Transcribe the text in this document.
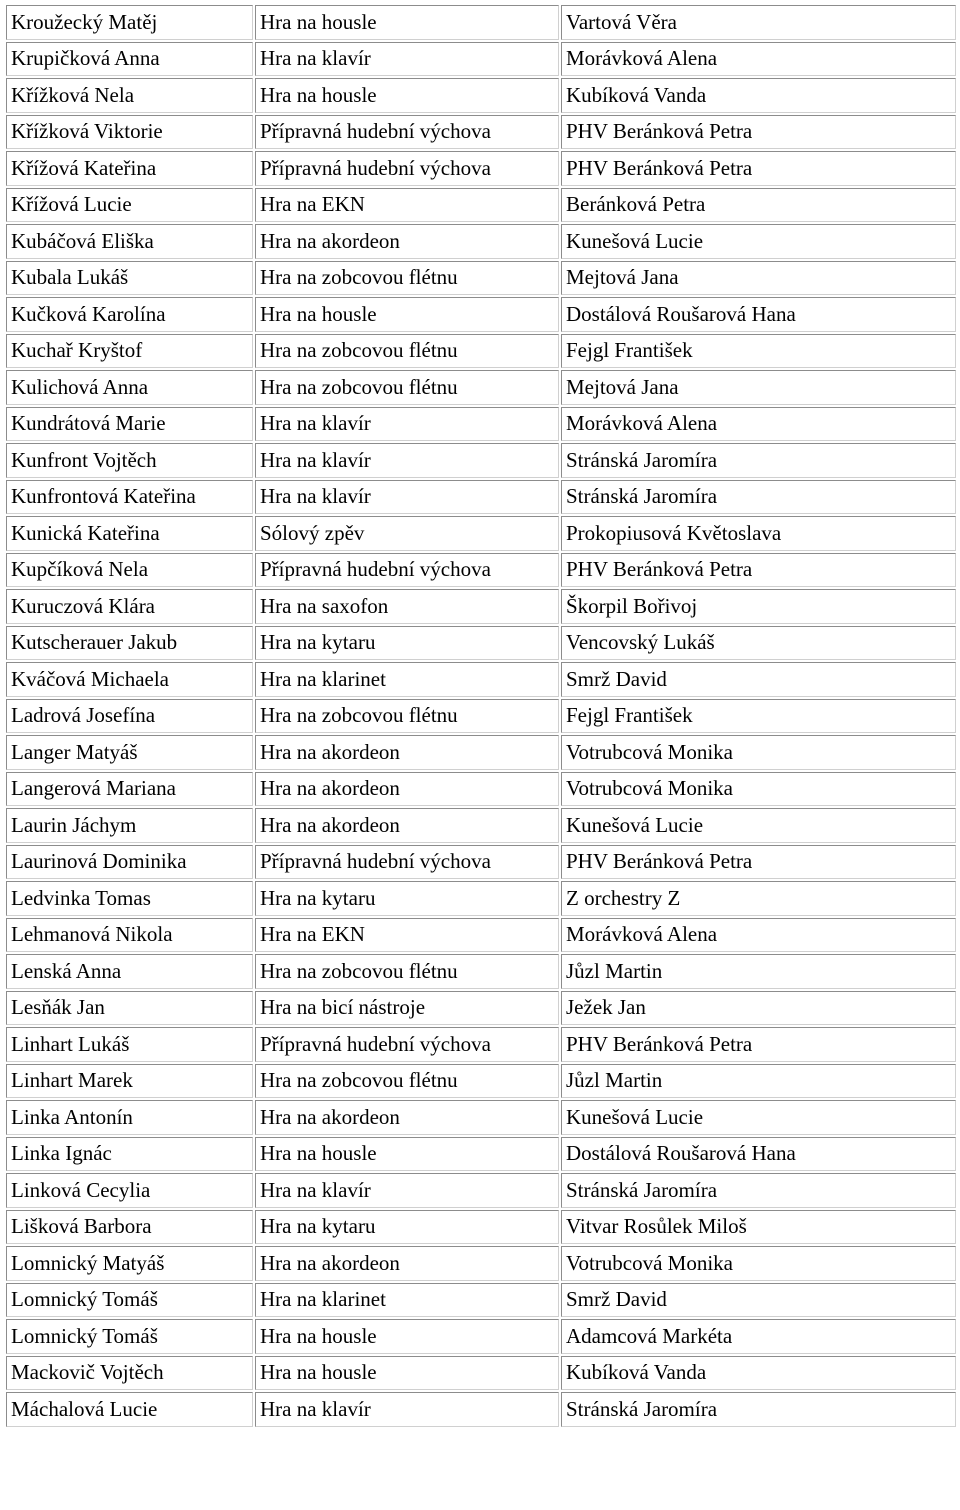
Kroužecký Matěj	Hra na housle	Vartová Věra
Krupičková Anna	Hra na klavír	Morávková Alena
Křížková Nela	Hra na housle	Kubíková Vanda
Křížková Viktorie	Přípravná hudební výchova	PHV Beránková Petra
Křížová Kateřina	Přípravná hudební výchova	PHV Beránková Petra
Křížová Lucie	Hra na EKN	Beránková Petra
Kubáčová Eliška	Hra na akordeon	Kunešová Lucie
Kubala Lukáš	Hra na zobcovou flétnu	Mejtová Jana
Kučková Karolína	Hra na housle	Dostálová Roušarová Hana
Kuchař Kryštof	Hra na zobcovou flétnu	Fejgl František
Kulichová Anna	Hra na zobcovou flétnu	Mejtová Jana
Kundrátová Marie	Hra na klavír	Morávková Alena
Kunfront Vojtěch	Hra na klavír	Stránská Jaromíra
Kunfrontová Kateřina	Hra na klavír	Stránská Jaromíra
Kunická Kateřina	Sólový zpěv	Prokopiusová Květoslava
Kupčíková Nela	Přípravná hudební výchova	PHV Beránková Petra
Kuruczová Klára	Hra na saxofon	Škorpil Bořivoj
Kutscherauer Jakub	Hra na kytaru	Vencovský Lukáš
Kváčová Michaela	Hra na klarinet	Smrž David
Ladrová Josefína	Hra na zobcovou flétnu	Fejgl František
Langer Matyáš	Hra na akordeon	Votrubcová Monika
Langerová Mariana	Hra na akordeon	Votrubcová Monika
Laurin Jáchym	Hra na akordeon	Kunešová Lucie
Laurinová Dominika	Přípravná hudební výchova	PHV Beránková Petra
Ledvinka Tomas	Hra na kytaru	Z orchestry Z
Lehmanová Nikola	Hra na EKN	Morávková Alena
Lenská Anna	Hra na zobcovou flétnu	Jůzl Martin
Lesňák Jan	Hra na bicí nástroje	Ježek Jan
Linhart Lukáš	Přípravná hudební výchova	PHV Beránková Petra
Linhart Marek	Hra na zobcovou flétnu	Jůzl Martin
Linka Antonín	Hra na akordeon	Kunešová Lucie
Linka Ignác	Hra na housle	Dostálová Roušarová Hana
Linková Cecylia	Hra na klavír	Stránská Jaromíra
Lišková Barbora	Hra na kytaru	Vitvar Rosůlek Miloš
Lomnický Matyáš	Hra na akordeon	Votrubcová Monika
Lomnický Tomáš	Hra na klarinet	Smrž David
Lomnický Tomáš	Hra na housle	Adamcová Markéta
Mackovič Vojtěch	Hra na housle	Kubíková Vanda
Máchalová Lucie	Hra na klavír	Stránská Jaromíra
